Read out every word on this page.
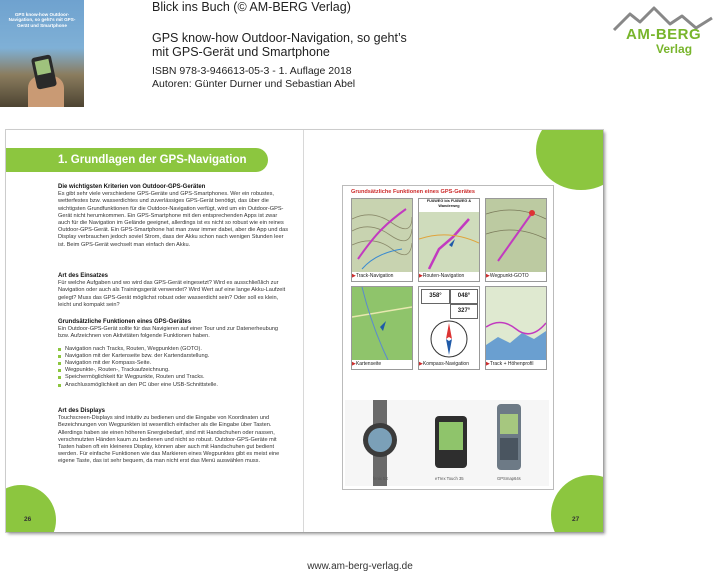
GPS know-how Outdoor-Navigation, so geht’s mit GPS-Gerät und Smartphone
Blick ins Buch (© AM-BERG Verlag)
GPS know-how Outdoor-Navigation, so geht’s
mit GPS-Gerät und Smartphone
ISBN 978-3-946613-05-3 - 1. Auflage 2018
Autoren: Günter Durner und Sebastian Abel
AM-BERG
Verlag
1. Grundlagen der GPS-Navigation
Die wichtigsten Kriterien von Outdoor-GPS-Geräten

Es gibt sehr viele verschiedene GPS-Geräte und GPS-Smartphones. Wer ein robustes, wetterfestes bzw. wasserdichtes und zuverlässiges GPS-Gerät benötigt, das über die wichtigsten Grundfunktionen für die Outdoor-Navigation verfügt, wird um ein Outdoor-GPS-Gerät nicht herumkommen. Ein GPS-Smartphone mit den entsprechenden Apps ist zwar auch für die Navigation im Gelände geeignet, allerdings ist es nicht so robust wie ein reines Outdoor-GPS-Gerät. Ein GPS-Smartphone hat man zwar immer dabei, aber die App und das Display verbrauchen jedoch soviel Strom, dass der Akku schon nach wenigen Stunden leer ist. Beim GPS-Gerät wechselt man einfach den Akku.

Art des Einsatzes

Für welche Aufgaben und wo wird das GPS-Gerät eingesetzt? Wird es ausschließlich zur Navigation oder auch als Trainingsgerät verwendet? Wird Wert auf eine lange Akku-Laufzeit gelegt? Muss das GPS-Gerät möglichst robust oder wasserdicht sein? Oder soll es klein, leicht und kompakt sein?

Grundsätzliche Funktionen eines GPS-Gerätes

Ein Outdoor-GPS-Gerät sollte für das Navigieren auf einer Tour und zur Datenerheubung bzw. Aufzeichnen von Aktivitäten folgende Funktionen haben.

Navigation nach Tracks, Routen, Wegpunkten (GOTO).
Navigation mit der Kartenseite bzw. der Kartendarstellung.
Navigation mit der Kompass-Seite.
Wegpunkte-, Routen-, Trackaufzeichnung.
Speichermöglichkeit für Wegpunkte, Routen und Tracks.
Anschlussmöglichkeit an den PC über eine USB-Schnittstelle.
Art des Displays

Touchscreen-Displays sind intuitiv zu bedienen und die Eingabe von Koordinaten und Bezeichnungen von Wegpunkten ist wesentlich einfacher als die Eingabe über Tasten. Allerdings haben sie einen höheren Energiebedarf, sind mit Handschuhen oder nassen, verschmutzten Händen kaum zu bedienen und nicht so robust. Outdoor-GPS-Geräte mit Tasten haben oft ein kleineres Display, können aber auch mit Handschuhen gut bedient werden. Für einfache Funktionen wie das Markieren eines Wegpunktes gibt es meist eine eigene Taste, das ist sehr bequem, da man nicht erst das Menü auswählen muss.

26
Grundsätzliche Funktionen eines GPS-Gerätes
▶ Track-Navigation
FUßWEG bis FUßWEG &
Wanderweg
▶ Routen-Navigation	▶ Wegpunkt-GOTO
▶ Kartenseite
358°	048°
327°
▶ Kompass-Navigation	▶ Track + Höhenprofil
fenix 5X	eTrex Touch 35	GPSmap64s
27
www.am-berg-verlag.de
